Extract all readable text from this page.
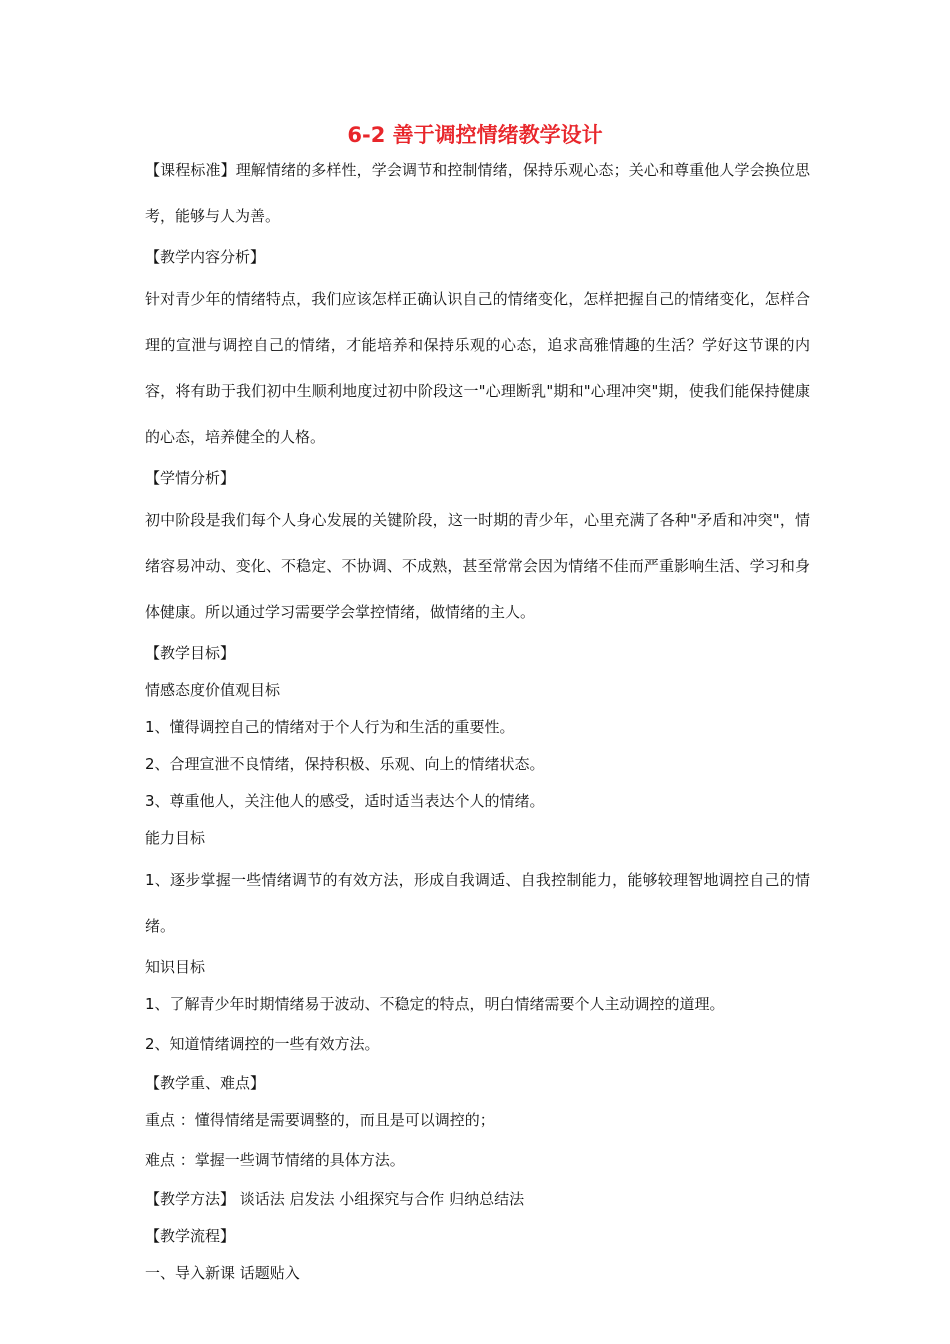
6-2 善于调控情绪教学设计

【课程标准】理解情绪的多样性，学会调节和控制情绪，保持乐观心态；关心和尊重他人学会换位思考，能够与人为善。

【教学内容分析】

针对青少年的情绪特点，我们应该怎样正确认识自己的情绪变化，怎样把握自己的情绪变化，怎样合理的宣泄与调控自己的情绪，才能培养和保持乐观的心态，追求高雅情趣的生活？学好这节课的内容，将有助于我们初中生顺利地度过初中阶段这一"心理断乳"期和"心理冲突"期，使我们能保持健康的心态，培养健全的人格。

【学情分析】

初中阶段是我们每个人身心发展的关键阶段，这一时期的青少年，心里充满了各种"矛盾和冲突"，情绪容易冲动、变化、不稳定、不协调、不成熟，甚至常常会因为情绪不佳而严重影响生活、学习和身体健康。所以通过学习需要学会掌控情绪，做情绪的主人。

【教学目标】
情感态度价值观目标
1、懂得调控自己的情绪对于个人行为和生活的重要性。
2、合理宣泄不良情绪，保持积极、乐观、向上的情绪状态。
3、尊重他人，关注他人的感受，适时适当表达个人的情绪。
能力目标

1、逐步掌握一些情绪调节的有效方法，形成自我调适、自我控制能力，能够较理智地调控自己的情绪。

知识目标
1、了解青少年时期情绪易于波动、不稳定的特点，明白情绪需要个人主动调控的道理。
2、知道情绪调控的一些有效方法。
【教学重、难点】
重点 ：懂得情绪是需要调整的，而且是可以调控的；
难点 ：掌握一些调节情绪的具体方法。
【教学方法】 谈话法 启发法 小组探究与合作 归纳总结法
【教学流程】
一、导入新课 话题贴入
